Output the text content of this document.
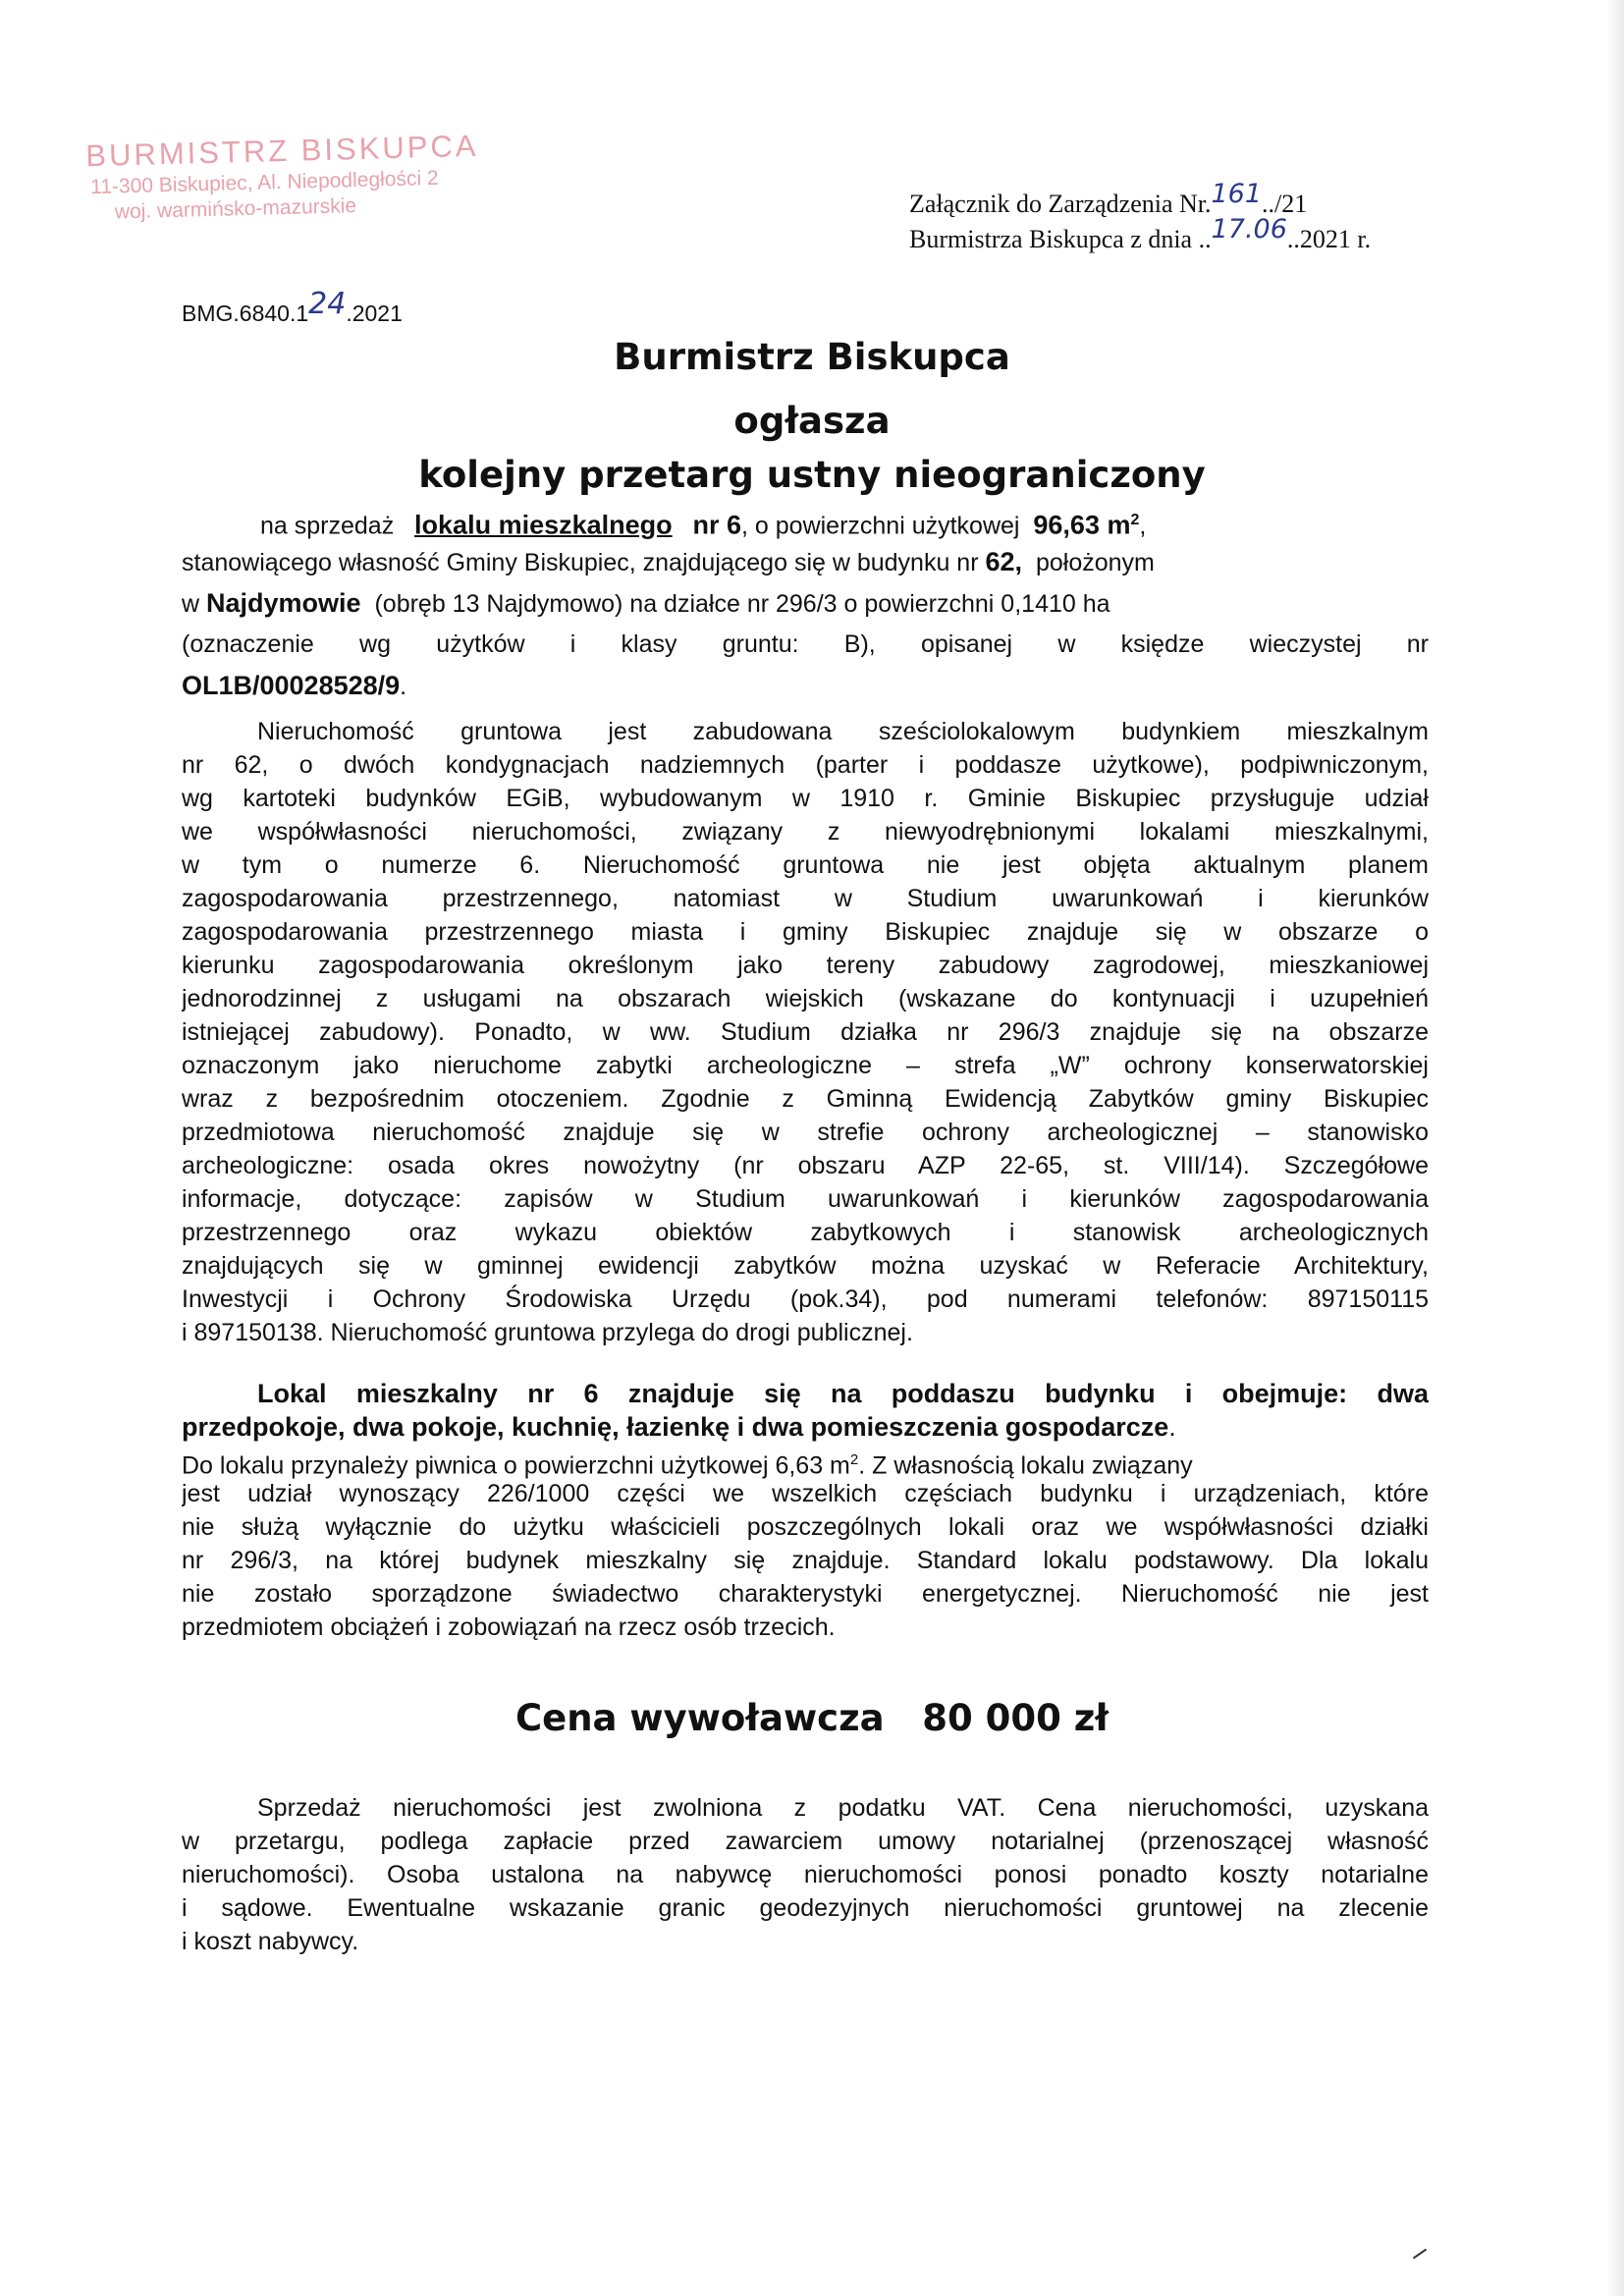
BURMISTRZ BISKUPCA
11-300 Biskupiec, Al. Niepodległości 2
woj. warmińsko-mazurskie	Załącznik do Zarządzenia Nr.161../21
Burmistrza Biskupca z dnia ..17.06..2021 r.
BMG.6840.124.2021
Burmistrz Biskupca
ogłasza
kolejny przetarg ustny nieograniczony
na sprzedaż lokalu mieszkalnego nr 6, o powierzchni użytkowej 96,63 $m^2$,
stanowiącego własność Gminy Biskupiec, znajdującego się w budynku nr 62, położonym
w Najdymowie (obręb 13 Najdymowo) na działce nr 296/3 o powierzchni 0,1410 ha
(oznaczenie wg użytków i klasy gruntu: B), opisanej w księdze wieczystej nr
OL1B/00028528/9.
Nieruchomość gruntowa jest zabudowana sześciolokalowym budynkiem mieszkalnym
nr 62, o dwóch kondygnacjach nadziemnych (parter i poddasze użytkowe), podpiwniczonym,
wg kartoteki budynków EGiB, wybudowanym w 1910 r. Gminie Biskupiec przysługuje udział
we współwłasności nieruchomości, związany z niewyodrębnionymi lokalami mieszkalnymi,
w tym o numerze 6. Nieruchomość gruntowa nie jest objęta aktualnym planem
zagospodarowania przestrzennego, natomiast w Studium uwarunkowań i kierunków
zagospodarowania przestrzennego miasta i gminy Biskupiec znajduje się w obszarze o
kierunku zagospodarowania określonym jako tereny zabudowy zagrodowej, mieszkaniowej
jednorodzinnej z usługami na obszarach wiejskich (wskazane do kontynuacji i uzupełnień
istniejącej zabudowy). Ponadto, w ww. Studium działka nr 296/3 znajduje się na obszarze
oznaczonym jako nieruchome zabytki archeologiczne – strefa „W” ochrony konserwatorskiej
wraz z bezpośrednim otoczeniem. Zgodnie z Gminną Ewidencją Zabytków gminy Biskupiec
przedmiotowa nieruchomość znajduje się w strefie ochrony archeologicznej – stanowisko
archeologiczne: osada okres nowożytny (nr obszaru AZP 22-65, st. VIII/14). Szczegółowe
informacje, dotyczące: zapisów w Studium uwarunkowań i kierunków zagospodarowania
przestrzennego oraz wykazu obiektów zabytkowych i stanowisk archeologicznych
znajdujących się w gminnej ewidencji zabytków można uzyskać w Referacie Architektury,
Inwestycji i Ochrony Środowiska Urzędu (pok.34), pod numerami telefonów: 897150115
i 897150138. Nieruchomość gruntowa przylega do drogi publicznej.
Lokal mieszkalny nr 6 znajduje się na poddaszu budynku i obejmuje: dwa
przedpokoje, dwa pokoje, kuchnię, łazienkę i dwa pomieszczenia gospodarcze.
Do lokalu przynależy piwnica o powierzchni użytkowej 6,63 $m^2$. Z własnością lokalu związany
jest udział wynoszący 226/1000 części we wszelkich częściach budynku i urządzeniach, które
nie służą wyłącznie do użytku właścicieli poszczególnych lokali oraz we współwłasności działki
nr 296/3, na której budynek mieszkalny się znajduje. Standard lokalu podstawowy. Dla lokalu
nie zostało sporządzone świadectwo charakterystyki energetycznej. Nieruchomość nie jest
przedmiotem obciążeń i zobowiązań na rzecz osób trzecich.
Cena wywoławcza 80 000 zł
Sprzedaż nieruchomości jest zwolniona z podatku VAT. Cena nieruchomości, uzyskana
w przetargu, podlega zapłacie przed zawarciem umowy notarialnej (przenoszącej własność
nieruchomości). Osoba ustalona na nabywcę nieruchomości ponosi ponadto koszty notarialne
i sądowe. Ewentualne wskazanie granic geodezyjnych nieruchomości gruntowej na zlecenie
i koszt nabywcy.
